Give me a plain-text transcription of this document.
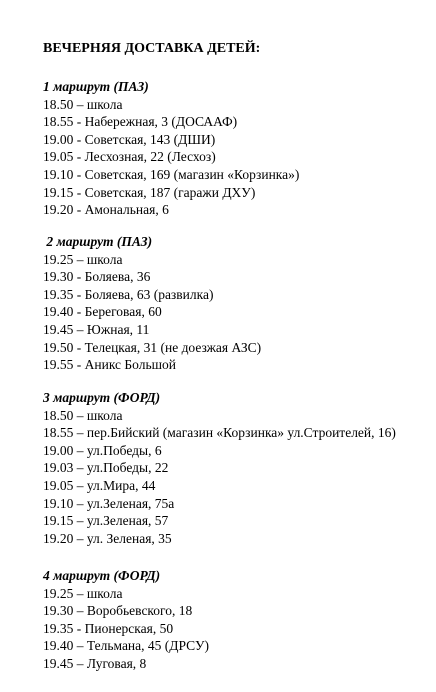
ВЕЧЕРНЯЯ ДОСТАВКА ДЕТЕЙ:
1 маршрут (ПАЗ)
18.50 – школа
18.55 - Набережная, 3 (ДОСААФ)
19.00 - Советская, 143 (ДШИ)
19.05 - Лесхозная, 22 (Лесхоз)
19.10 - Советская, 169 (магазин «Корзинка»)
19.15 - Советская, 187 (гаражи ДХУ)
19.20 - Амональная, 6
2 маршрут (ПАЗ)
19.25 – школа
19.30 - Боляева, 36
19.35 - Боляева, 63 (развилка)
19.40 - Береговая, 60
19.45 – Южная, 11
19.50 - Телецкая, 31 (не доезжая АЗС)
19.55 - Аникс Большой
3 маршрут (ФОРД)
18.50 – школа
18.55 – пер.Бийский (магазин «Корзинка» ул.Строителей, 16)
19.00 – ул.Победы, 6
19.03 – ул.Победы, 22
19.05 – ул.Мира, 44
19.10 – ул.Зеленая, 75а
19.15 – ул.Зеленая, 57
19.20 – ул. Зеленая, 35
4 маршрут (ФОРД)
19.25 – школа
19.30 – Воробьевского, 18
19.35 - Пионерская, 50
19.40 – Тельмана, 45 (ДРСУ)
19.45 – Луговая, 8
